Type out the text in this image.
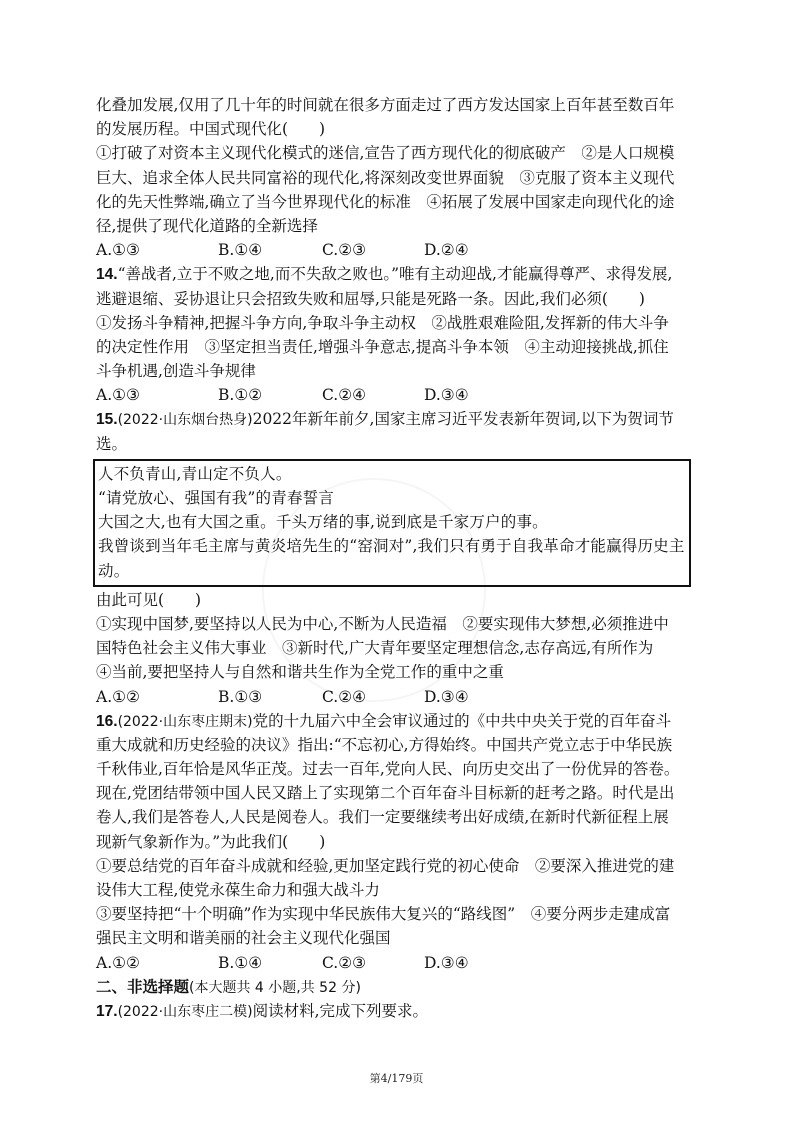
化叠加发展,仅用了几十年的时间就在很多方面走过了西方发达国家上百年甚至数百年
的发展历程。中国式现代化(　　)
①打破了对资本主义现代化模式的迷信,宣告了西方现代化的彻底破产　②是人口规模
巨大、追求全体人民共同富裕的现代化,将深刻改变世界面貌　③克服了资本主义现代
化的先天性弊端,确立了当今世界现代化的标准　④拓展了发展中国家走向现代化的途
径,提供了现代化道路的全新选择
A.①③	B.①④	C.②③	D.②④
14.“善战者,立于不败之地,而不失敌之败也。”唯有主动迎战,才能赢得尊严、求得发展,
逃避退缩、妥协退让只会招致失败和屈辱,只能是死路一条。因此,我们必须(　　)
①发扬斗争精神,把握斗争方向,争取斗争主动权　②战胜艰难险阻,发挥新的伟大斗争
的决定性作用　③坚定担当责任,增强斗争意志,提高斗争本领　④主动迎接挑战,抓住
斗争机遇,创造斗争规律
A.①③	B.①②	C.②④	D.③④
15.(2022·山东烟台热身)2022年新年前夕,国家主席习近平发表新年贺词,以下为贺词节
选。
人不负青山,青山定不负人。
“请党放心、强国有我”的青春誓言
大国之大,也有大国之重。千头万绪的事,说到底是千家万户的事。
我曾谈到当年毛主席与黄炎培先生的“窑洞对”,我们只有勇于自我革命才能赢得历史主
动。
由此可见(　　)
①实现中国梦,要坚持以人民为中心,不断为人民造福　②要实现伟大梦想,必须推进中
国特色社会主义伟大事业　③新时代,广大青年要坚定理想信念,志存高远,有所作为
④当前,要把坚持人与自然和谐共生作为全党工作的重中之重
A.①②	B.①③	C.②④	D.③④
16.(2022·山东枣庄期末)党的十九届六中全会审议通过的《中共中央关于党的百年奋斗
重大成就和历史经验的决议》指出:“不忘初心,方得始终。中国共产党立志于中华民族
千秋伟业,百年恰是风华正茂。过去一百年,党向人民、向历史交出了一份优异的答卷。
现在,党团结带领中国人民又踏上了实现第二个百年奋斗目标新的赶考之路。时代是出
卷人,我们是答卷人,人民是阅卷人。我们一定要继续考出好成绩,在新时代新征程上展
现新气象新作为。”为此我们(　　)
①要总结党的百年奋斗成就和经验,更加坚定践行党的初心使命　②要深入推进党的建
设伟大工程,使党永葆生命力和强大战斗力
③要坚持把“十个明确”作为实现中华民族伟大复兴的“路线图”　④要分两步走建成富
强民主文明和谐美丽的社会主义现代化强国
A.①②	B.①④	C.②③	D.③④
二、非选择题(本大题共 4 小题,共 52 分)
17.(2022·山东枣庄二模)阅读材料,完成下列要求。
第4/179页
